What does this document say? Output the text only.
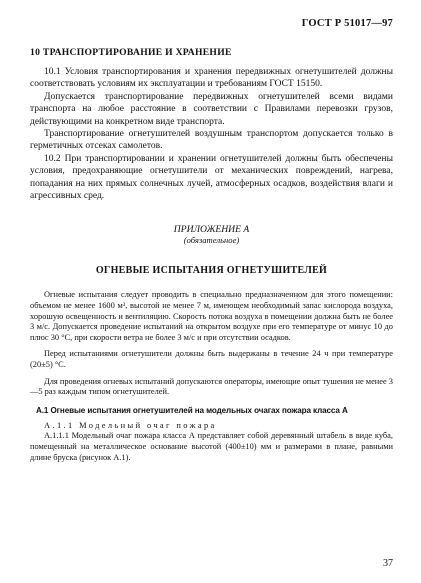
ГОСТ Р 51017—97
10 ТРАНСПОРТИРОВАНИЕ И ХРАНЕНИЕ

10.1 Условия транспортирования и хранения передвижных огнетушителей должны соответствовать условиям их эксплуатации и требованиям ГОСТ 15150.

Допускается транспортирование передвижных огнетушителей всеми видами транспорта на любое расстояние в соответствии с Правилами перевозки грузов, действующими на конкретном виде транспорта.

Транспортирование огнетушителей воздушным транспортом допускается только в герметичных отсеках самолетов.

10.2 При транспортировании и хранении огнетушителей должны быть обеспечены условия, предохраняющие огнетушители от механических повреждений, нагрева, попадания на них прямых солнечных лучей, атмосферных осадков, воздействия влаги и агрессивных сред.

ПРИЛОЖЕНИЕ А
(обязательное)
ОГНЕВЫЕ ИСПЫТАНИЯ ОГНЕТУШИТЕЛЕЙ

Огневые испытания следует проводить в специально предназначенном для этого помещении: объемом не менее 1600 м³, высотой не менее 7 м, имеющем необходимый запас кислорода воздуха, хорошую освещенность и вентиляцию. Скорость потока воздуха в помещении должна быть не более 3 м/с. Допускается проведение испытаний на открытом воздухе при его температуре от минус 10 до плюс 30 °С, при скорости ветра не более 3 м/с и при отсутствии осадков.

Перед испытаниями огнетушители должны быть выдержаны в течение 24 ч при температуре (20±5) °С.

Для проведения огневых испытаний допускаются операторы, имеющие опыт тушения не менее 3—5 раз каждым типом огнетушителей.

А.1 Огневые испытания огнетушителей на модельных очагах пожара класса А

А.1.1 Модельный очаг пожара

А.1.1.1 Модельный очаг пожара класса А представляет собой деревянный штабель в виде куба, помещенный на металлическое основание высотой (400±10) мм и размерами в плане, равными длине бруска (рисунок А.1).

37
